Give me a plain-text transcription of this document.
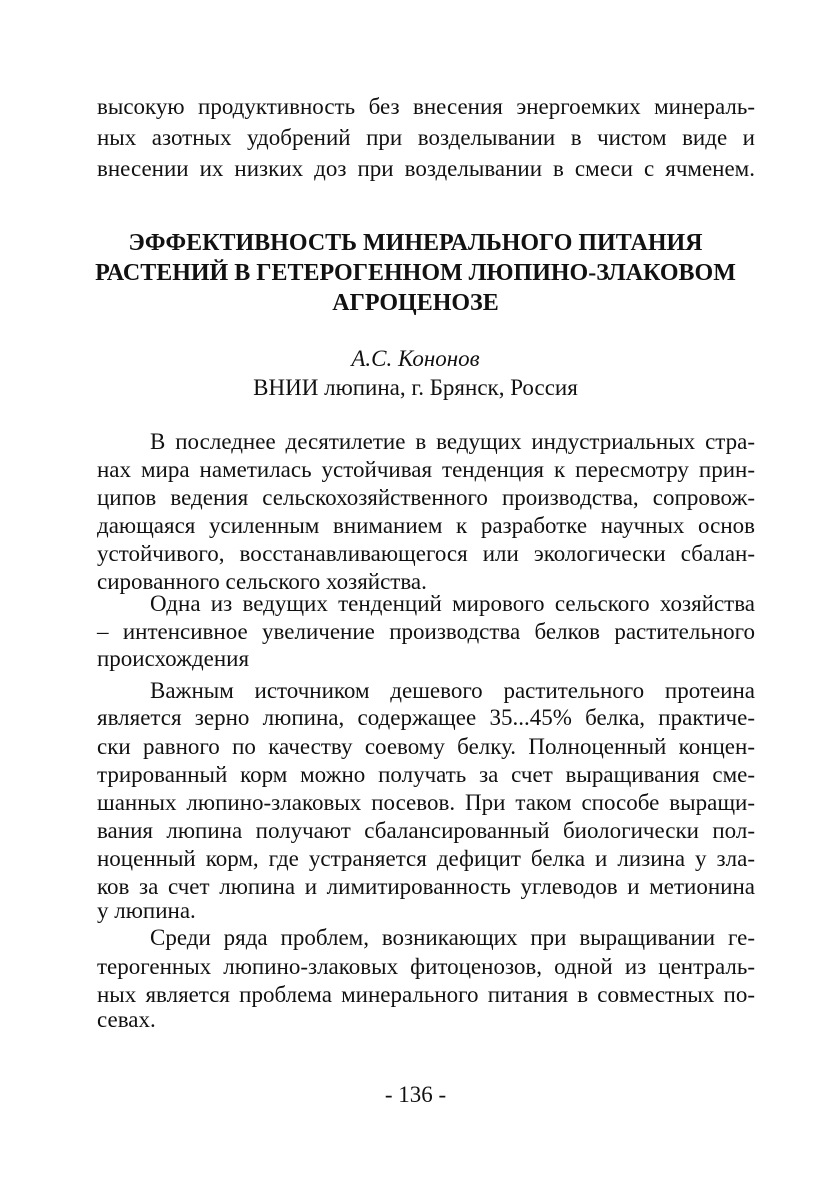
высокую продуктивность без внесения энергоемких минераль-
ных азотных удобрений при возделывании в чистом виде и
внесении их низких доз при возделывании в смеси с ячменем.
ЭФФЕКТИВНОСТЬ МИНЕРАЛЬНОГО ПИТАНИЯ
РАСТЕНИЙ В ГЕТЕРОГЕННОМ ЛЮПИНО-ЗЛАКОВОМ
АГРОЦЕНОЗЕ
А.С. Кононов
ВНИИ люпина, г. Брянск, Россия
В последнее десятилетие в ведущих индустриальных стра-
нах мира наметилась устойчивая тенденция к пересмотру прин-
ципов ведения сельскохозяйственного производства, сопровож-
дающаяся усиленным вниманием к разработке научных основ
устойчивого, восстанавливающегося или экологически сбалан-
сированного сельского хозяйства.
Одна из ведущих тенденций мирового сельского хозяйства
– интенсивное увеличение производства белков растительного
происхождения
Важным источником дешевого растительного протеина
является зерно люпина, содержащее 35...45% белка, практиче-
ски равного по качеству соевому белку. Полноценный концен-
трированный корм можно получать за счет выращивания сме-
шанных люпино-злаковых посевов. При таком способе выращи-
вания люпина получают сбалансированный биологически пол-
ноценный корм, где устраняется дефицит белка и лизина у зла-
ков за счет люпина и лимитированность углеводов и метионина
у люпина.
Среди ряда проблем, возникающих при выращивании ге-
терогенных люпино-злаковых фитоценозов, одной из централь-
ных является проблема минерального питания в совместных по-
севах.
- 136 -
